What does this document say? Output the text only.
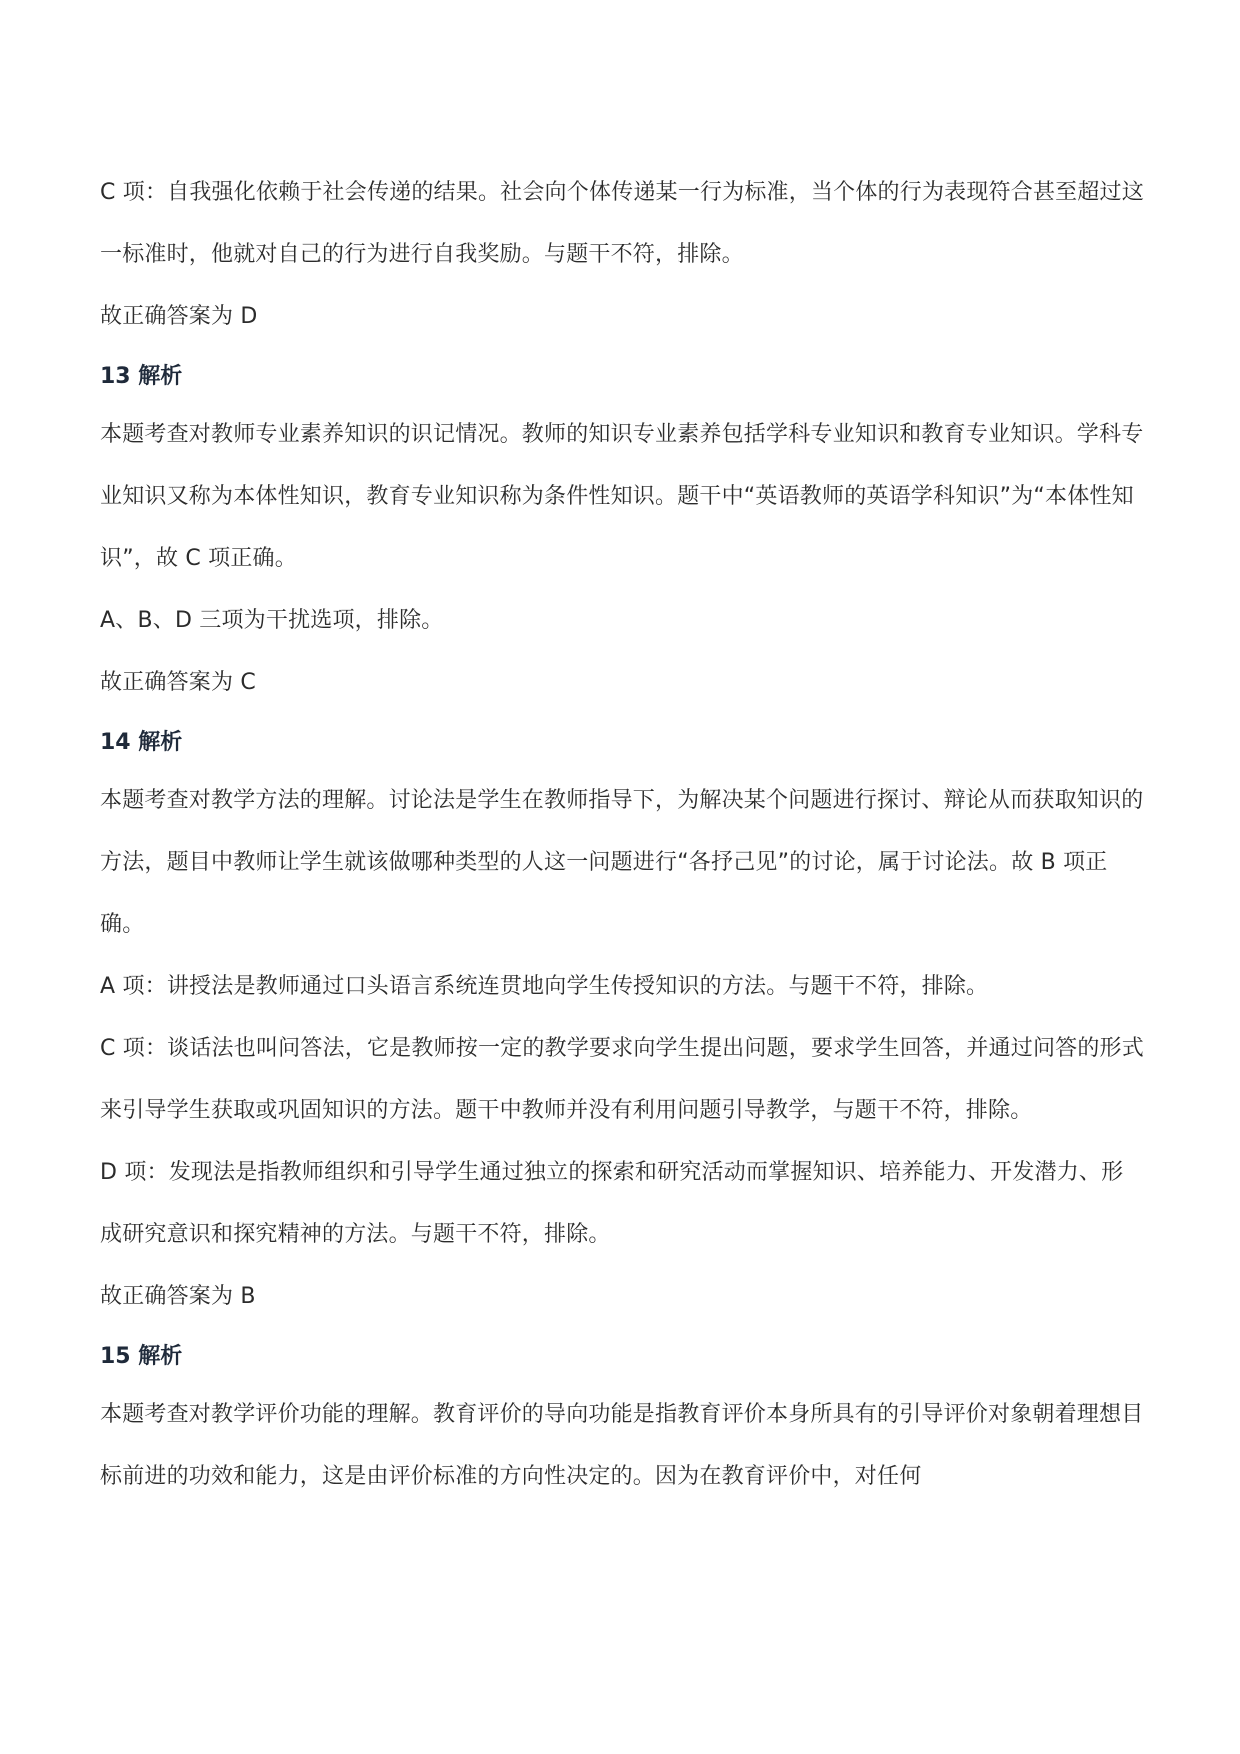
C 项：自我强化依赖于社会传递的结果。社会向个体传递某一行为标准，当个体的行为表现符合甚至超过这一标准时，他就对自己的行为进行自我奖励。与题干不符，排除。

故正确答案为 D

13 解析

本题考查对教师专业素养知识的识记情况。教师的知识专业素养包括学科专业知识和教育专业知识。学科专业知识又称为本体性知识，教育专业知识称为条件性知识。题干中“英语教师的英语学科知识”为“本体性知识”，故 C 项正确。

A、B、D 三项为干扰选项，排除。

故正确答案为 C

14 解析

本题考查对教学方法的理解。讨论法是学生在教师指导下，为解决某个问题进行探讨、辩论从而获取知识的方法，题目中教师让学生就该做哪种类型的人这一问题进行“各抒己见”的讨论，属于讨论法。故 B 项正确。

A 项：讲授法是教师通过口头语言系统连贯地向学生传授知识的方法。与题干不符，排除。

C 项：谈话法也叫问答法，它是教师按一定的教学要求向学生提出问题，要求学生回答，并通过问答的形式来引导学生获取或巩固知识的方法。题干中教师并没有利用问题引导教学，与题干不符，排除。

D 项：发现法是指教师组织和引导学生通过独立的探索和研究活动而掌握知识、培养能力、开发潜力、形成研究意识和探究精神的方法。与题干不符，排除。

故正确答案为 B

15 解析

本题考查对教学评价功能的理解。教育评价的导向功能是指教育评价本身所具有的引导评价对象朝着理想目标前进的功效和能力，这是由评价标准的方向性决定的。因为在教育评价中，对任何
